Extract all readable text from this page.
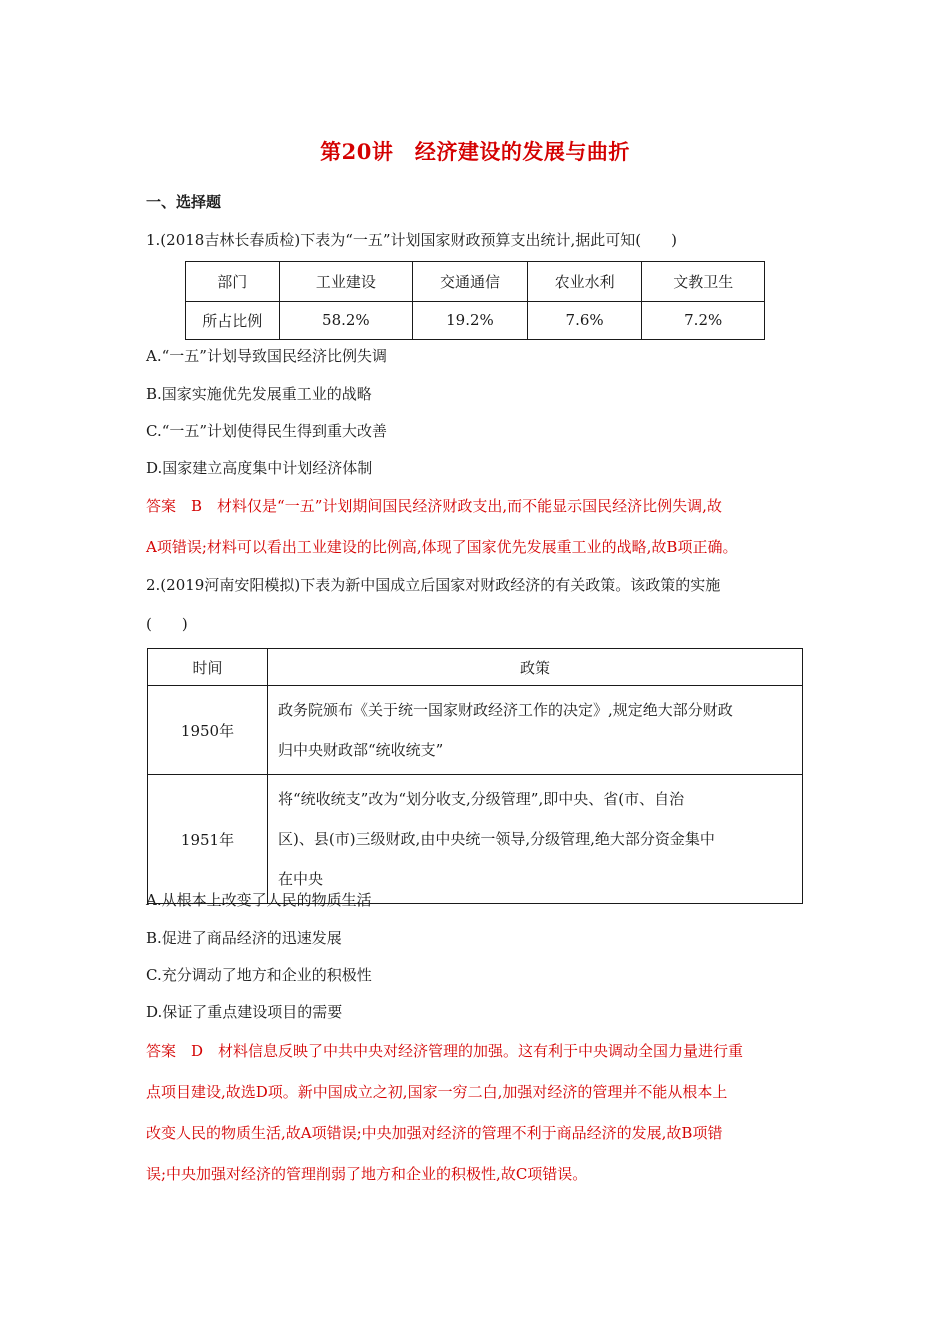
第20讲　经济建设的发展与曲折
一、选择题
1.(2018吉林长春质检)下表为“一五”计划国家财政预算支出统计,据此可知(　　)
部门	工业建设	交通通信	农业水利	文教卫生
所占比例	58.2%	19.2%	7.6%	7.2%
A.“一五”计划导致国民经济比例失调
B.国家实施优先发展重工业的战略
C.“一五”计划使得民生得到重大改善
D.国家建立高度集中计划经济体制
答案　B　材料仅是“一五”计划期间国民经济财政支出,而不能显示国民经济比例失调,故
A项错误;材料可以看出工业建设的比例高,体现了国家优先发展重工业的战略,故B项正确。
2.(2019河南安阳模拟)下表为新中国成立后国家对财政经济的有关政策。该政策的实施
(　　)
时间	政策
1950年	政务院颁布《关于统一国家财政经济工作的决定》,规定绝大部分财政
归中央财政部“统收统支”

1951年	将“统收统支”改为“划分收支,分级管理”,即中央、省(市、自治
区)、县(市)三级财政,由中央统一领导,分级管理,绝大部分资金集中
在中央
A.从根本上改变了人民的物质生活
B.促进了商品经济的迅速发展
C.充分调动了地方和企业的积极性
D.保证了重点建设项目的需要
答案　D　材料信息反映了中共中央对经济管理的加强。这有利于中央调动全国力量进行重
点项目建设,故选D项。新中国成立之初,国家一穷二白,加强对经济的管理并不能从根本上
改变人民的物质生活,故A项错误;中央加强对经济的管理不利于商品经济的发展,故B项错
误;中央加强对经济的管理削弱了地方和企业的积极性,故C项错误。
